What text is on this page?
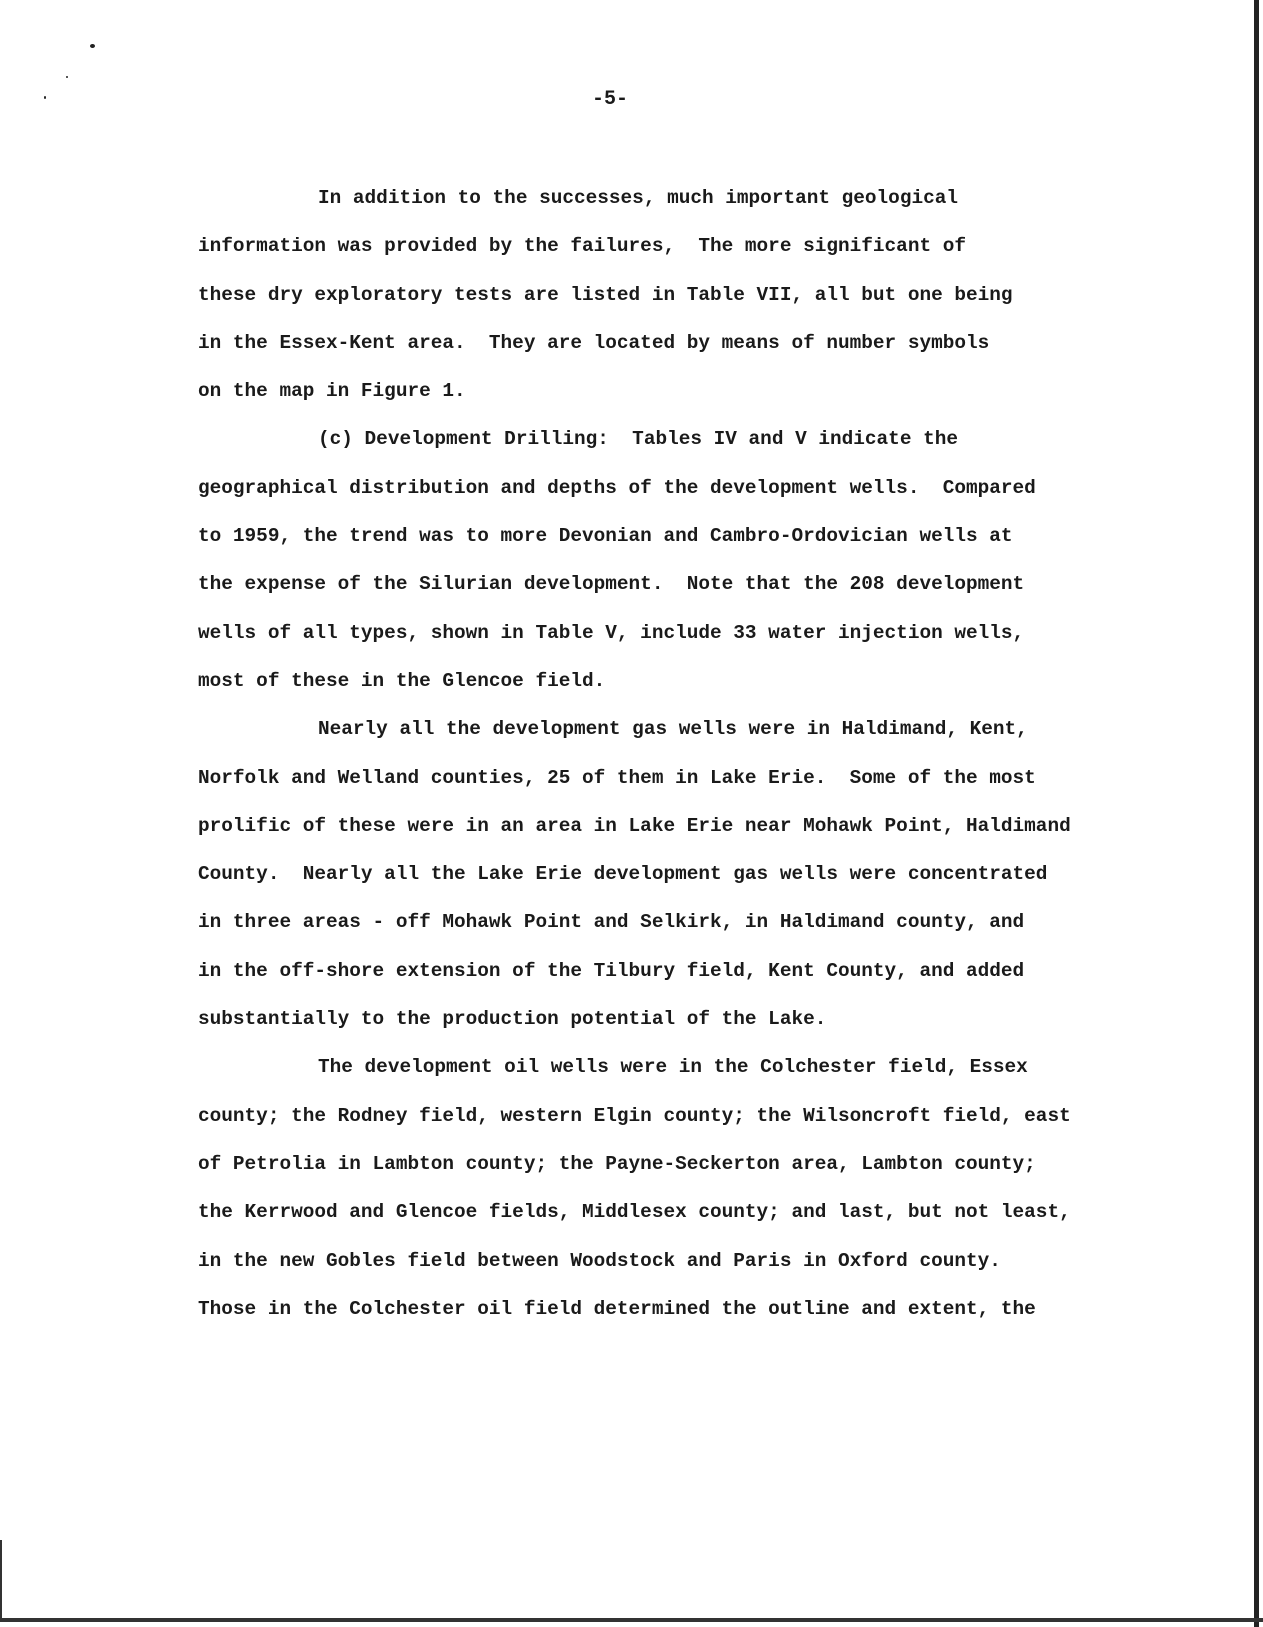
-5-
In addition to the successes, much important geological
information was provided by the failures,  The more significant of
these dry exploratory tests are listed in Table VII, all but one being
in the Essex-Kent area.  They are located by means of number symbols
on the map in Figure 1.
(c) Development Drilling:  Tables IV and V indicate the
geographical distribution and depths of the development wells.  Compared
to 1959, the trend was to more Devonian and Cambro-Ordovician wells at
the expense of the Silurian development.  Note that the 208 development
wells of all types, shown in Table V, include 33 water injection wells,
most of these in the Glencoe field.
Nearly all the development gas wells were in Haldimand, Kent,
Norfolk and Welland counties, 25 of them in Lake Erie.  Some of the most
prolific of these were in an area in Lake Erie near Mohawk Point, Haldimand
County.  Nearly all the Lake Erie development gas wells were concentrated
in three areas - off Mohawk Point and Selkirk, in Haldimand county, and
in the off-shore extension of the Tilbury field, Kent County, and added
substantially to the production potential of the Lake.
The development oil wells were in the Colchester field, Essex
county; the Rodney field, western Elgin county; the Wilsoncroft field, east
of Petrolia in Lambton county; the Payne-Seckerton area, Lambton county;
the Kerrwood and Glencoe fields, Middlesex county; and last, but not least,
in the new Gobles field between Woodstock and Paris in Oxford county.
Those in the Colchester oil field determined the outline and extent, the
